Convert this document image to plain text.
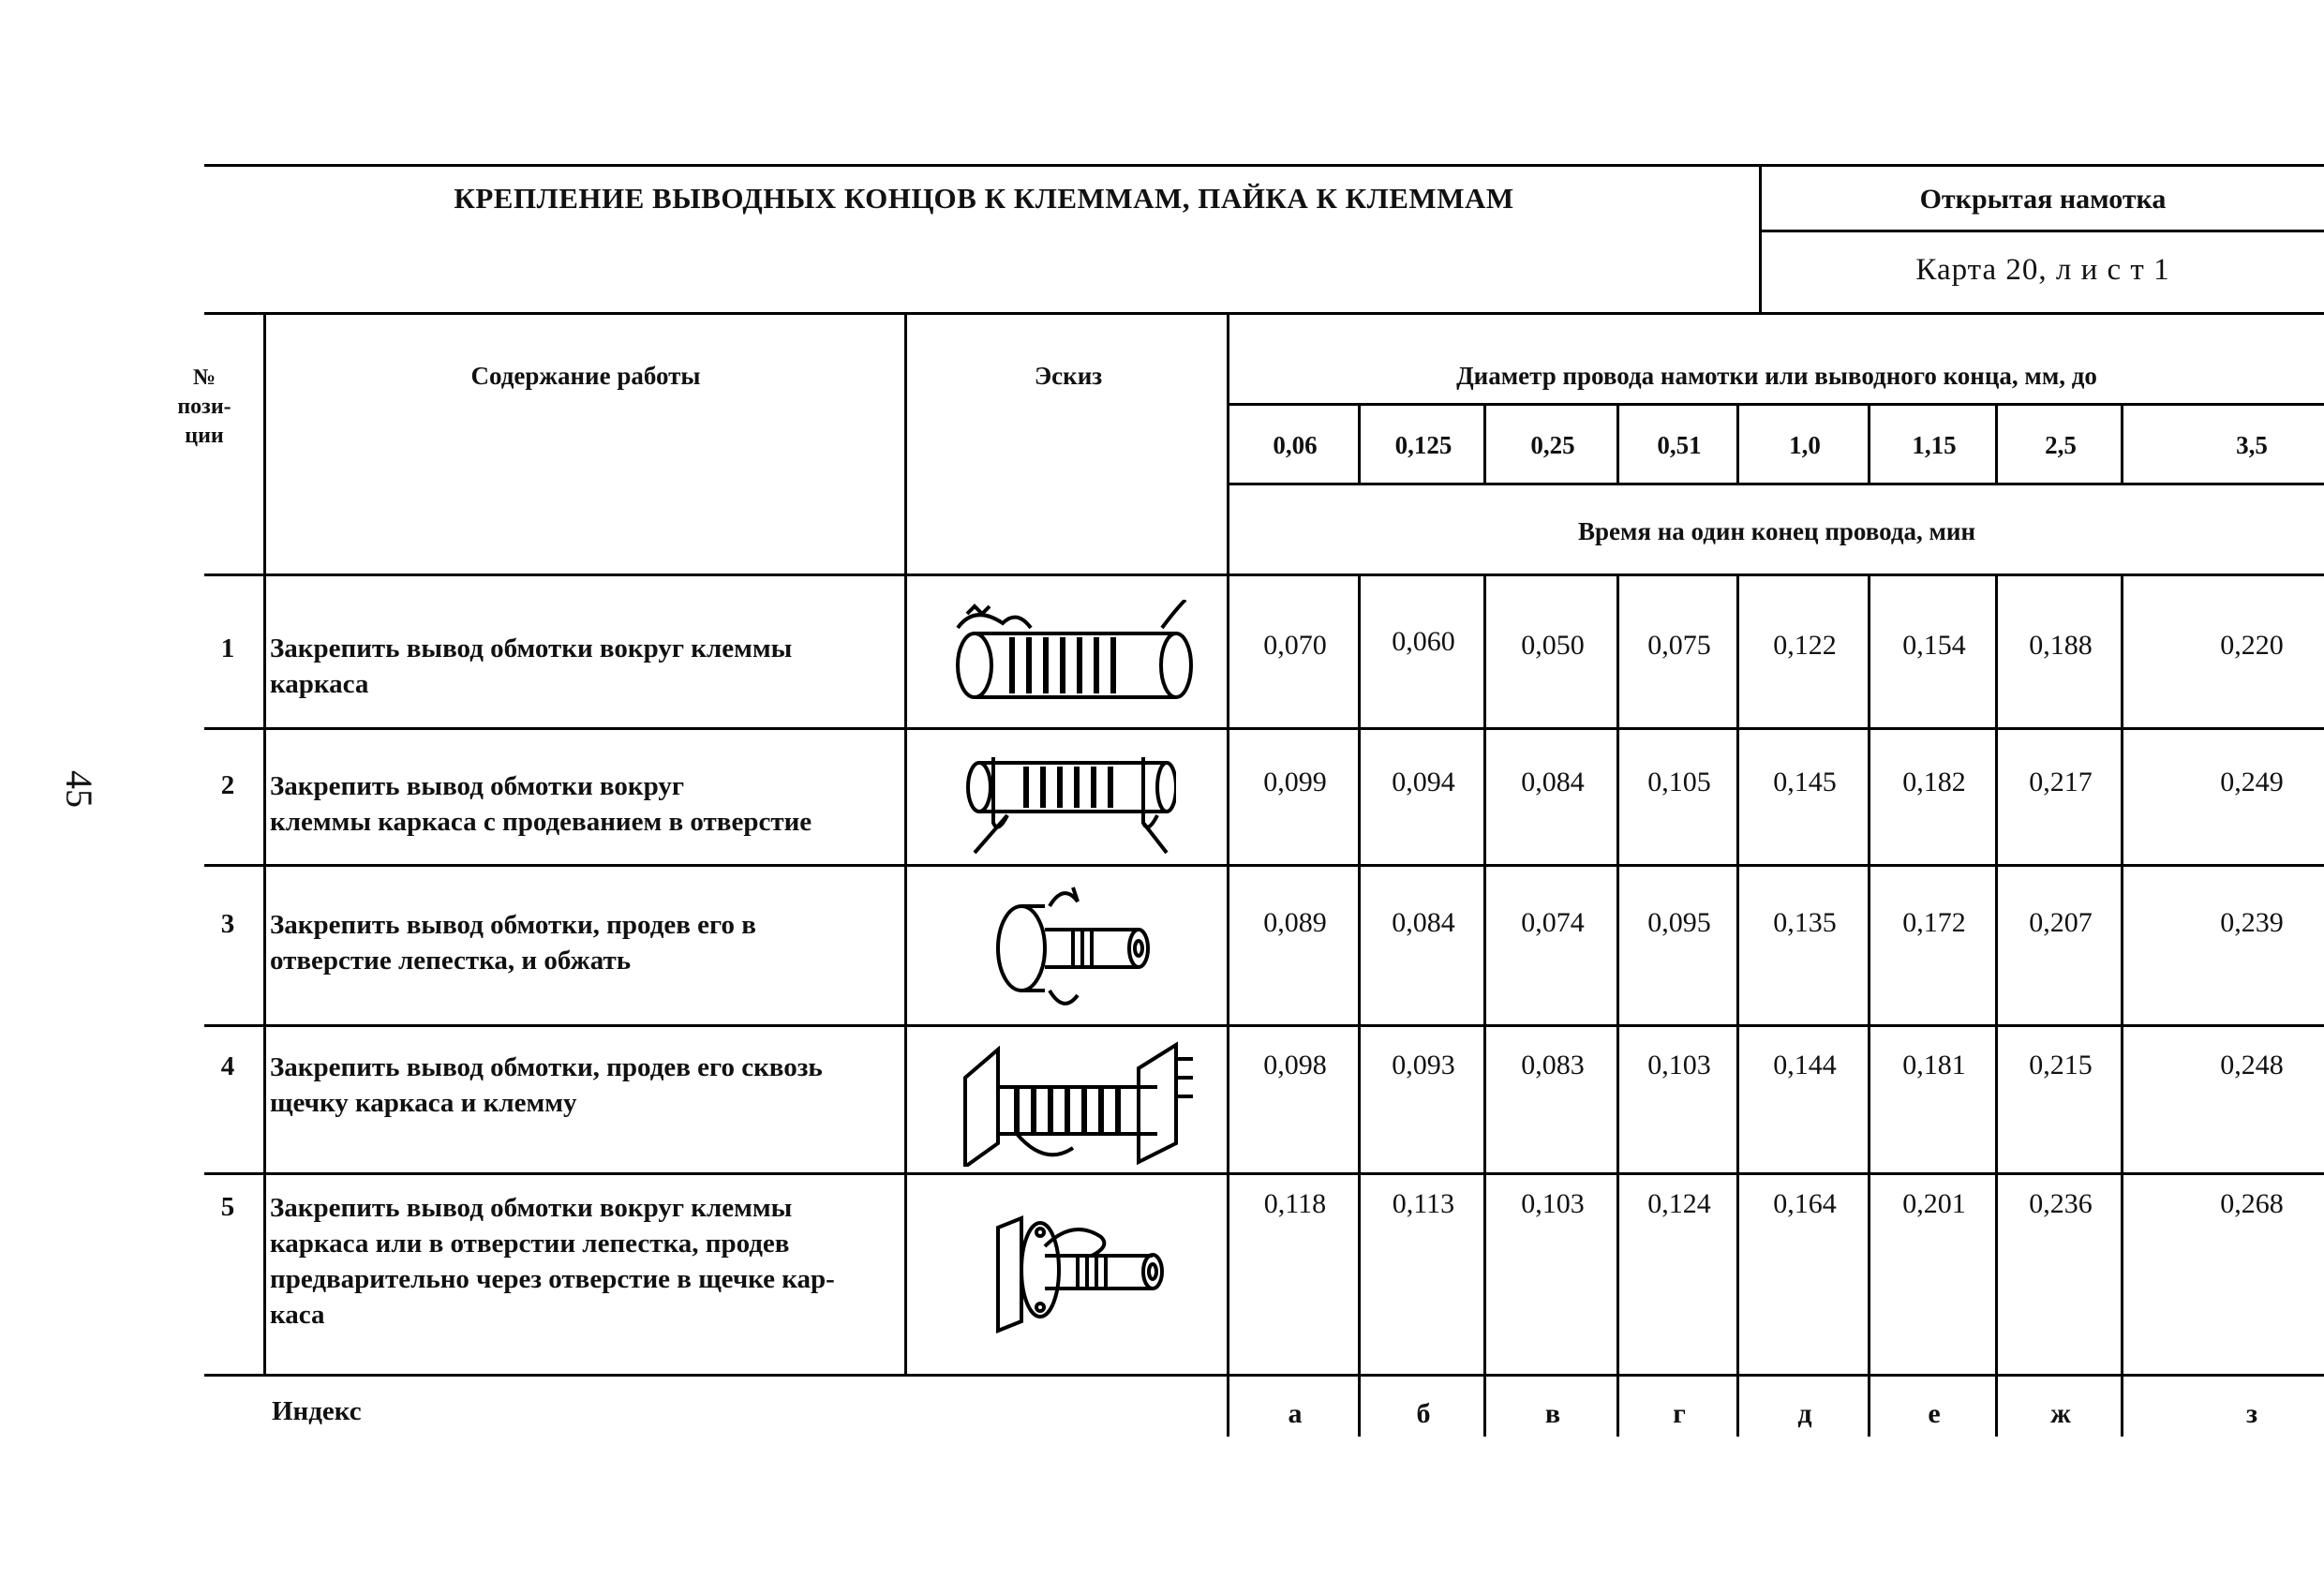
45
КРЕПЛЕНИЕ ВЫВОДНЫХ КОНЦОВ К КЛЕММАМ, ПАЙКА К КЛЕММАМ	Открытая намотка
Карта 20, л и с т 1
№
пози-
ции
Содержание работы	Эскиз	Диаметр провода намотки или выводного конца, мм, до
0,06	0,125	0,25	0,51	1,0	1,15	2,5	3,5
Время на один конец провода, мин
1	Закрепить вывод обмотки вокруг клеммы
каркаса
0,070	0,060	0,050	0,075	0,122	0,154	0,188	0,220
2	Закрепить вывод обмотки вокруг
клеммы каркаса с продеванием в отверстие
0,099	0,094	0,084	0,105	0,145	0,182	0,217	0,249
3	Закрепить вывод обмотки, продев его в
отверстие лепестка, и обжать
0,089	0,084	0,074	0,095	0,135	0,172	0,207	0,239
4	Закрепить вывод обмотки, продев его сквозь
щечку каркаса и клемму
0,098	0,093	0,083	0,103	0,144	0,181	0,215	0,248
5	Закрепить вывод обмотки вокруг клеммы
каркаса или в отверстии лепестка, продев
предварительно через отверстие в щечке кар-
каса
0,118	0,113	0,103	0,124	0,164	0,201	0,236	0,268
Индекс	а	б	в	г	д	е	ж	з
